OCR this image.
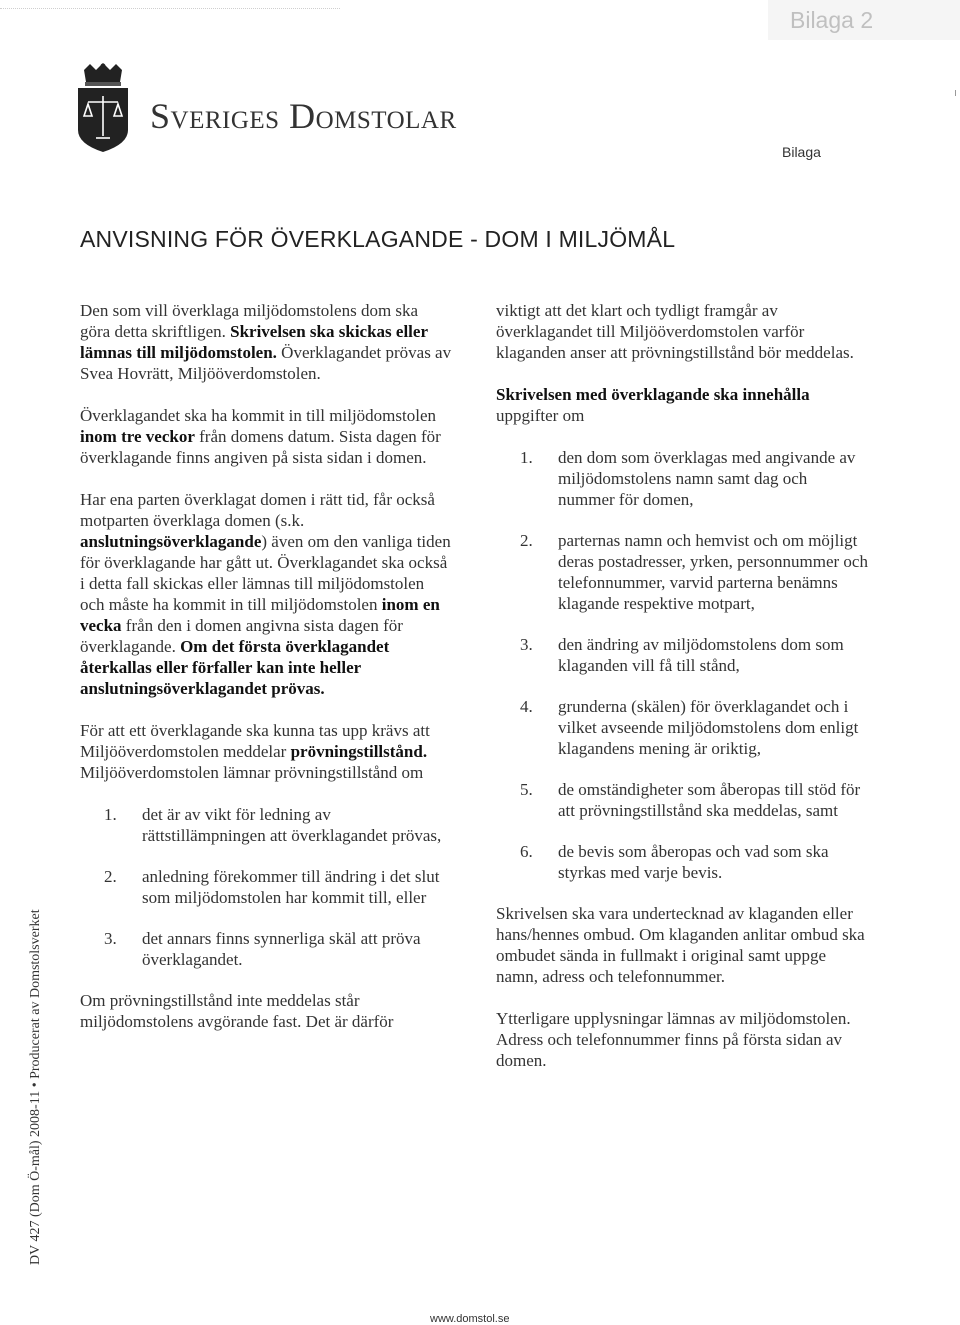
Bilaga 2
Sveriges Domstolar
Bilaga
ANVISNING FÖR ÖVERKLAGANDE - DOM I MILJÖMÅL

Den som vill överklaga miljödomstolens dom ska göra detta skriftligen. Skrivelsen ska skickas eller lämnas till miljödomstolen. Överklagandet prövas av Svea Hovrätt, Miljööverdomstolen.

Överklagandet ska ha kommit in till miljödomstolen inom tre veckor från domens datum. Sista dagen för överklagande finns angiven på sista sidan i domen.

Har ena parten överklagat domen i rätt tid, får också motparten överklaga domen (s.k. anslutningsöverklagande) även om den vanliga tiden för överklagande har gått ut. Överklagandet ska också i detta fall skickas eller lämnas till miljödomstolen och måste ha kommit in till miljödomstolen inom en vecka från den i domen angivna sista dagen för överklagande. Om det första överklagandet återkallas eller förfaller kan inte heller anslutningsöverklagandet prövas.

För att ett överklagande ska kunna tas upp krävs att Miljööverdomstolen meddelar prövningstillstånd. Miljööverdomstolen lämnar prövningstillstånd om

1. det är av vikt för ledning av rättstillämpningen att överklagandet prövas,
2. anledning förekommer till ändring i det slut som miljödomstolen har kommit till, eller
3. det annars finns synnerliga skäl att pröva överklagandet.

Om prövningstillstånd inte meddelas står miljödomstolens avgörande fast. Det är därför

viktigt att det klart och tydligt framgår av överklagandet till Miljööverdomstolen varför klaganden anser att prövningstillstånd bör meddelas.

Skrivelsen med överklagande ska innehålla uppgifter om

1. den dom som överklagas med angivande av miljödomstolens namn samt dag och nummer för domen,
2. parternas namn och hemvist och om möjligt deras postadresser, yrken, personnummer och telefonnummer, varvid parterna benämns klagande respektive motpart,
3. den ändring av miljödomstolens dom som klaganden vill få till stånd,
4. grunderna (skälen) för överklagandet och i vilket avseende miljödomstolens dom enligt klagandens mening är oriktig,
5. de omständigheter som åberopas till stöd för att prövningstillstånd ska meddelas, samt
6. de bevis som åberopas och vad som ska styrkas med varje bevis.

Skrivelsen ska vara undertecknad av klaganden eller hans/hennes ombud. Om klaganden anlitar ombud ska ombudet sända in fullmakt i original samt uppge namn, adress och telefonnummer.

Ytterligare upplysningar lämnas av miljödomstolen. Adress och telefonnummer finns på första sidan av domen.

DV 427 (Dom Ö-mål) 2008-11 • Producerat av Domstolsverket
www.domstol.se
